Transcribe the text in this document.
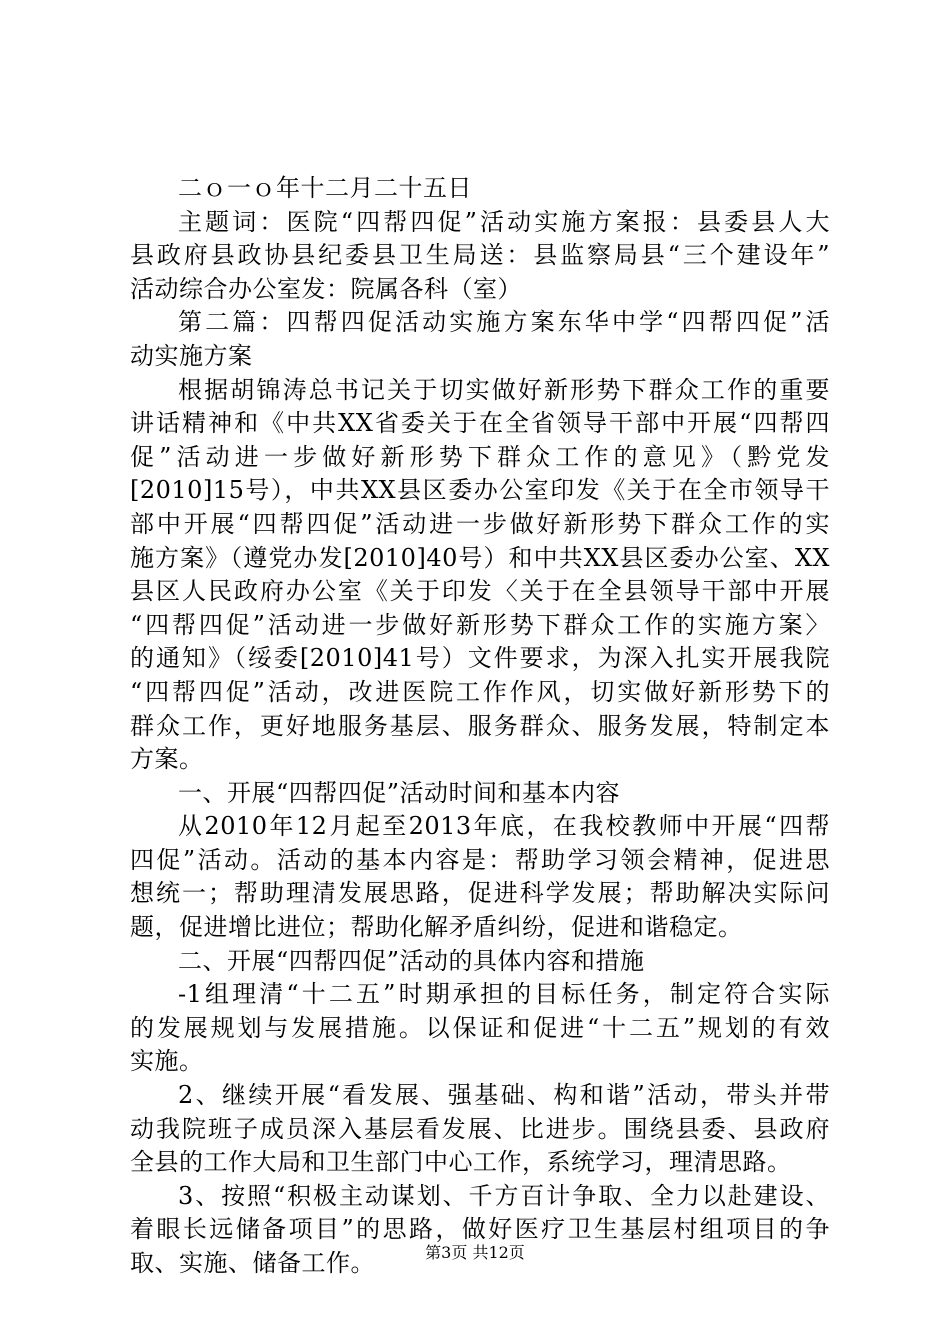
二ｏ一ｏ年十二月二十五日
主题词：医院“四帮四促”活动实施方案报：县委县人大
县政府县政协县纪委县卫生局送：县监察局县“三个建设年”
活动综合办公室发：院属各科（室）
第二篇：四帮四促活动实施方案东华中学“四帮四促”活
动实施方案
根据胡锦涛总书记关于切实做好新形势下群众工作的重要
讲话精神和《中共XX省委关于在全省领导干部中开展“四帮四
促”活动进一步做好新形势下群众工作的意见》（黔党发
[2010]15号），中共XX县区委办公室印发《关于在全市领导干
部中开展“四帮四促”活动进一步做好新形势下群众工作的实
施方案》（遵党办发[2010]40号）和中共XX县区委办公室、XX
县区人民政府办公室《关于印发〈关于在全县领导干部中开展
“四帮四促”活动进一步做好新形势下群众工作的实施方案〉
的通知》（绥委[2010]41号）文件要求，为深入扎实开展我院
“四帮四促”活动，改进医院工作作风，切实做好新形势下的
群众工作，更好地服务基层、服务群众、服务发展，特制定本
方案。
一、开展“四帮四促”活动时间和基本内容
从2010年12月起至2013年底，在我校教师中开展“四帮
四促”活动。活动的基本内容是：帮助学习领会精神，促进思
想统一；帮助理清发展思路，促进科学发展；帮助解决实际问
题，促进增比进位；帮助化解矛盾纠纷，促进和谐稳定。
二、开展“四帮四促”活动的具体内容和措施
-1组理清“十二五”时期承担的目标任务，制定符合实际
的发展规划与发展措施。以保证和促进“十二五”规划的有效
实施。
2、继续开展“看发展、强基础、构和谐”活动，带头并带
动我院班子成员深入基层看发展、比进步。围绕县委、县政府
全县的工作大局和卫生部门中心工作，系统学习，理清思路。
3、按照“积极主动谋划、千方百计争取、全力以赴建设、
着眼长远储备项目”的思路，做好医疗卫生基层村组项目的争
取、实施、储备工作。	第3页 共12页
